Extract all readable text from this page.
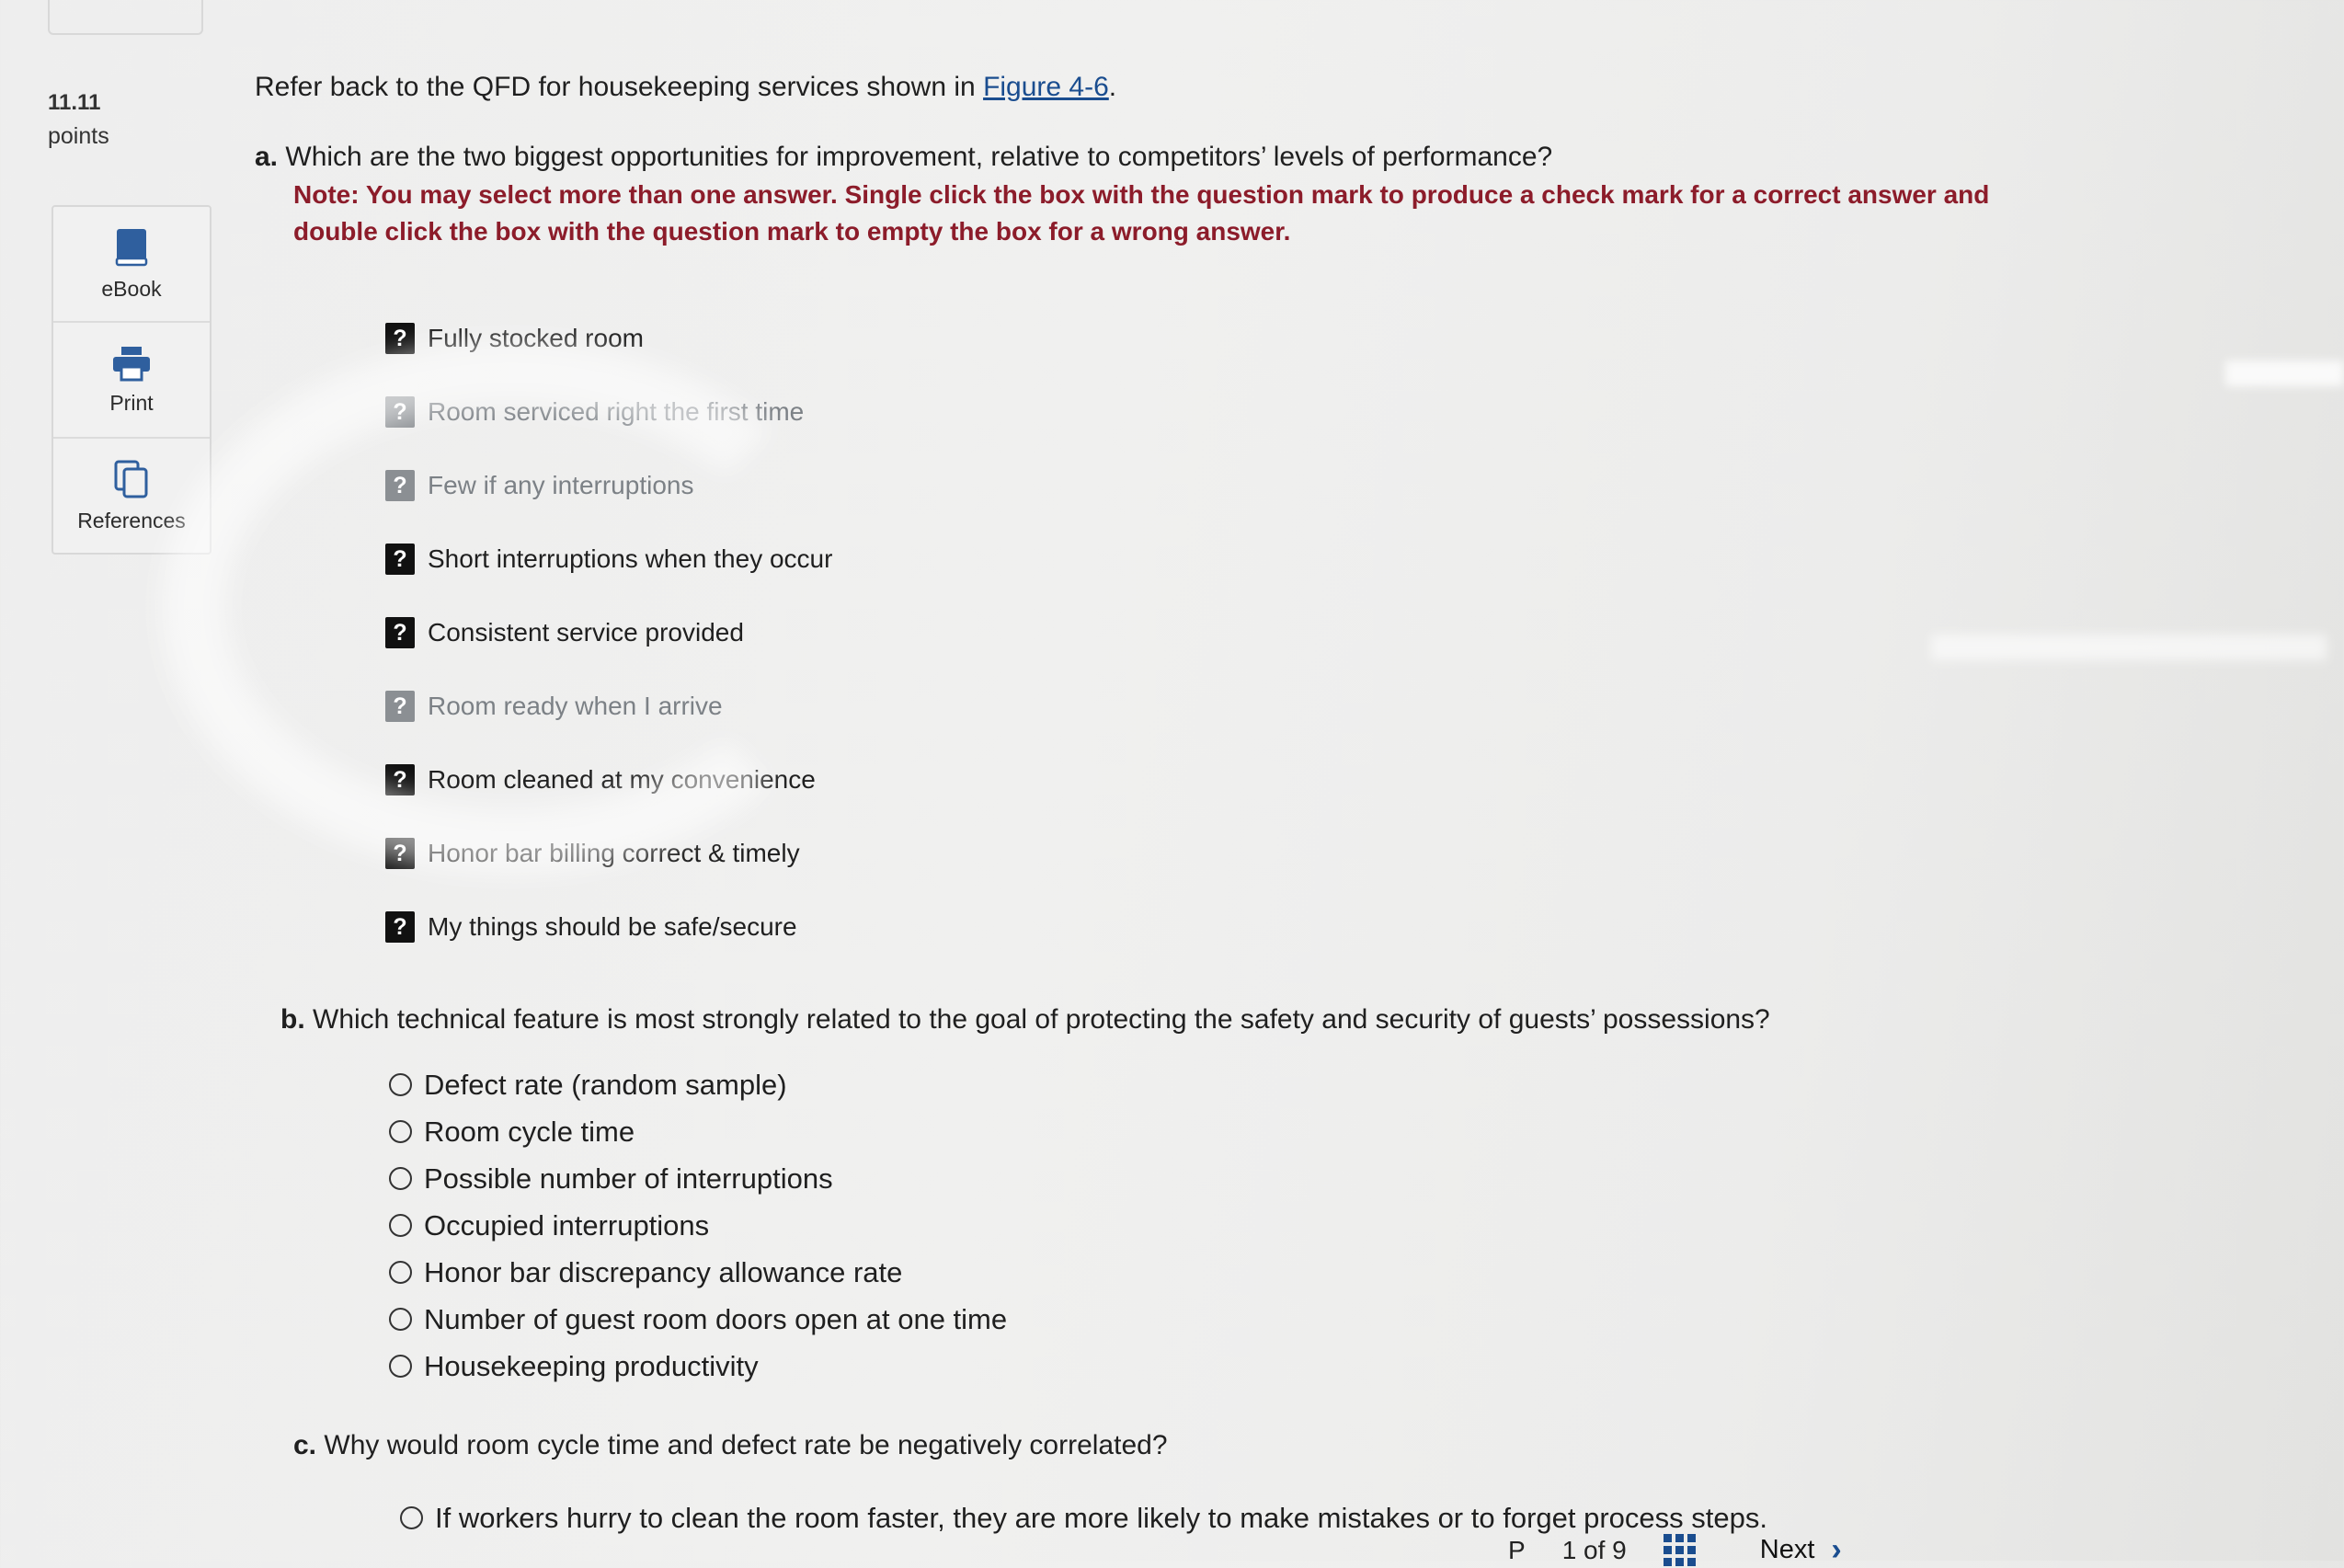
11.11
points
eBook
Print
References

Refer back to the QFD for housekeeping services shown in Figure 4-6.

a. Which are the two biggest opportunities for improvement, relative to competitors’ levels of performance?
Note: You may select more than one answer. Single click the box with the question mark to produce a check mark for a correct answer and double click the box with the question mark to empty the box for a wrong answer.
? Fully stocked room
? Room serviced right the first time
? Few if any interruptions
? Short interruptions when they occur
? Consistent service provided
? Room ready when I arrive
? Room cleaned at my convenience
? Honor bar billing correct & timely
? My things should be safe/secure
b. Which technical feature is most strongly related to the goal of protecting the safety and security of guests’ possessions?
Defect rate (random sample)
Room cycle time
Possible number of interruptions
Occupied interruptions
Honor bar discrepancy allowance rate
Number of guest room doors open at one time
Housekeeping productivity
c. Why would room cycle time and defect rate be negatively correlated?
If workers hurry to clean the room faster, they are more likely to make mistakes or to forget process steps.
P 1 of 9	Next ›
